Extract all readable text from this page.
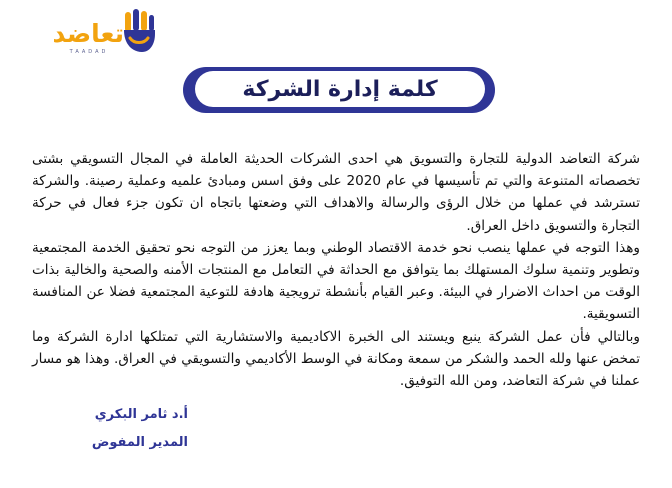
تعاضد
TAADAD
كلمة إدارة الشركة

شركة التعاضد الدولية للتجارة والتسويق هي احدى الشركات الحديثة العاملة في المجال التسويقي بشتى تخصصاته المتنوعة والتي تم تأسيسها في عام 2020 على وفق اسس ومبادئ علميه وعملية رصينة. والشركة تسترشد في عملها من خلال الرؤى والرسالة والاهداف التي وضعتها باتجاه ان تكون جزء فعال في حركة التجارة والتسويق داخل العراق.

وهذا التوجه في عملها ينصب نحو خدمة الاقتصاد الوطني وبما يعزز من التوجه نحو تحقيق الخدمة المجتمعية وتطوير وتنمية سلوك المستهلك بما يتوافق مع الحداثة في التعامل مع المنتجات الأمنه والصحية والخالية بذات الوقت من احداث الاضرار في البيئة. وعبر القيام بأنشطة ترويجية هادفة للتوعية المجتمعية فضلا عن المنافسة التسويقية.

وبالتالي فأن عمل الشركة ينبع ويستند الى الخبرة الاكاديمية والاستشارية التي تمتلكها ادارة الشركة وما تمخض عنها ولله الحمد والشكر من سمعة ومكانة في الوسط الأكاديمي والتسويقي في العراق. وهذا هو مسار عملنا في شركة التعاضد، ومن الله التوفيق.

أ.د ثامر البكري
المدير المفوض
